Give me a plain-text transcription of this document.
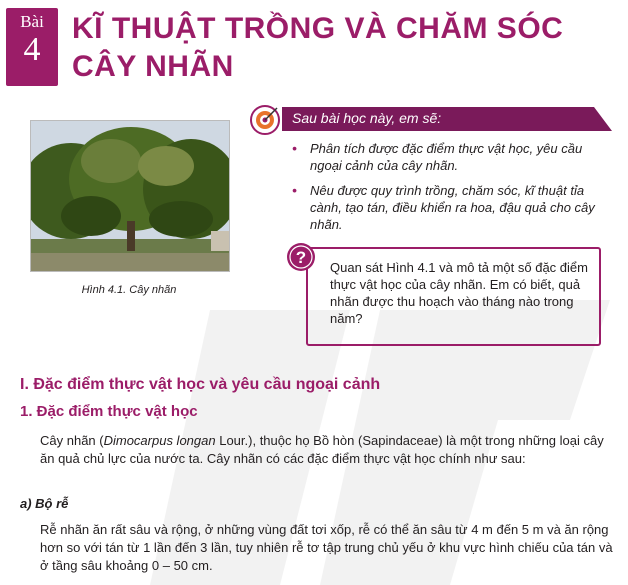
Bài
4
KĨ THUẬT TRỒNG VÀ CHĂM SÓC CÂY NHÃN
Hình 4.1. Cây nhãn
Sau bài học này, em sẽ:
• Phân tích được đặc điểm thực vật học, yêu cầu ngoại cảnh của cây nhãn.
• Nêu được quy trình trồng, chăm sóc, kĩ thuật tỉa cành, tạo tán, điều khiển ra hoa, đậu quả cho cây nhãn.
Quan sát Hình 4.1 và mô tả một số đặc điểm thực vật học của cây nhãn. Em có biết, quả nhãn được thu hoạch vào tháng nào trong năm?
?
I. Đặc điểm thực vật học và yêu cầu ngoại cảnh
1. Đặc điểm thực vật học

Cây nhãn (Dimocarpus longan Lour.), thuộc họ Bồ hòn (Sapindaceae) là một trong những loại cây ăn quả chủ lực của nước ta. Cây nhãn có các đặc điểm thực vật học chính như sau:

a) Bộ rễ

Rễ nhãn ăn rất sâu và rộng, ở những vùng đất tơi xốp, rễ có thể ăn sâu từ 4 m đến 5 m và ăn rộng hơn so với tán từ 1 lần đến 3 lần, tuy nhiên rễ tơ tập trung chủ yếu ở khu vực hình chiếu của tán và ở tầng sâu khoảng 0 – 50 cm.
